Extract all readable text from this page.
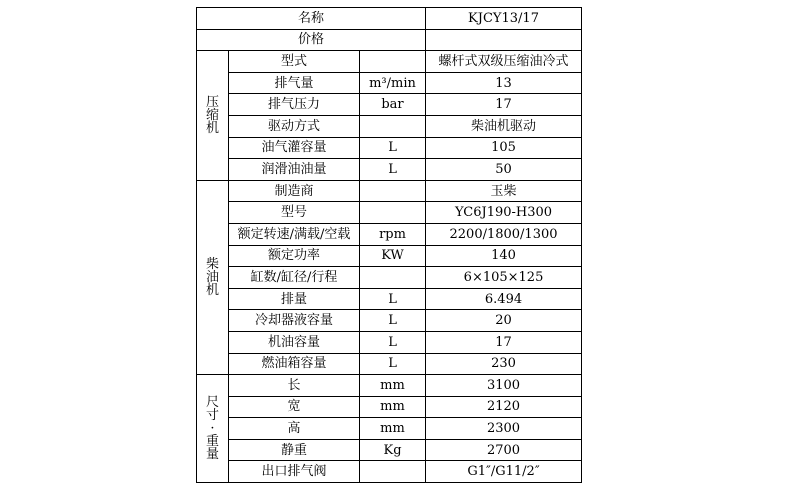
名称			KJCY13/17
价格			

压
缩
机	型式		螺杆式双级压缩油冷式
	排气量	m³/min	13
	排气压力	bar	17
	驱动方式		柴油机驱动
	油气灌容量	L	105
	润滑油油量	L	50

柴
油
机	制造商		玉柴
	型号		YC6J190-H300
	额定转速/满载/空载	rpm	2200/1800/1300
	额定功率	KW	140
	缸数/缸径/行程		6×105×125
	排量	L	6.494
	冷却器液容量	L	20
	机油容量	L	17
	燃油箱容量	L	230

尺
寸
·
重
量	长	mm	3100
	宽	mm	2120
	高	mm	2300
	静重	Kg	2700
	出口排气阀		G1″/G11/2″
